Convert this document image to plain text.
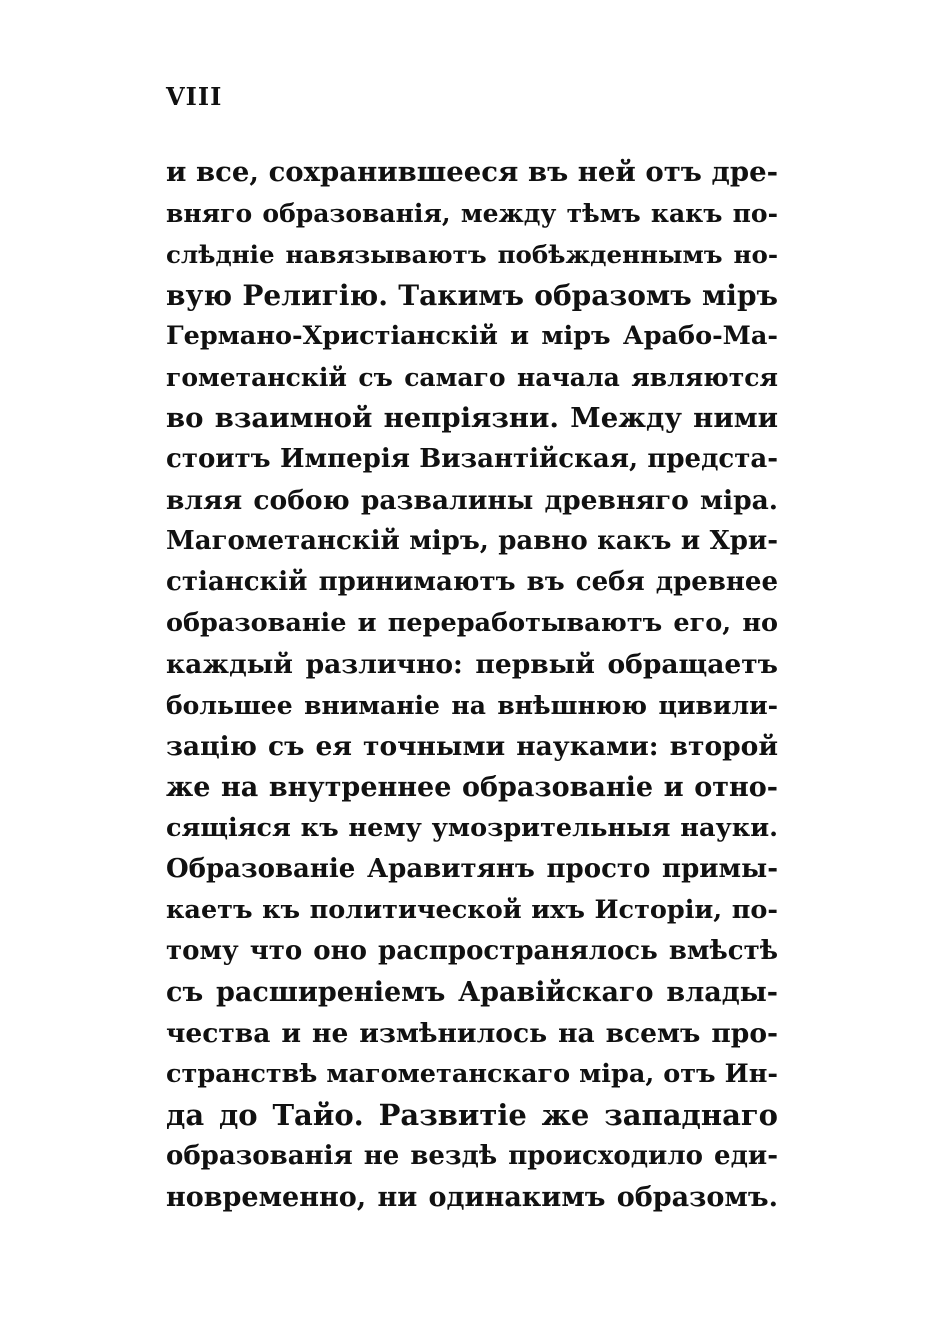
VIII
и все, сохранившееся въ ней отъ дре-
вняго образованія, между тѣмъ какъ по-
слѣдніе навязываютъ побѣжденнымъ но-
вую Религію. Такимъ образомъ міръ
Германо-Христіанскій и міръ Арабо-Ма-
гометанскій съ самаго начала являются
во взаимной непріязни. Между ними
стоитъ Имперія Византійская, предста-
вляя собою развалины древняго міра.
Магометанскій міръ, равно какъ и Хри-
стіанскій принимаютъ въ себя древнее
образованіе и переработываютъ его, но
каждый различно: первый обращаетъ
большее вниманіе на внѣшнюю цивили-
зацію съ ея точными науками: второй
же на внутреннее образованіе и отно-
сящіяся къ нему умозрительныя науки.
Образованіе Аравитянъ просто примы-
каетъ къ политической ихъ Исторіи, по-
тому что оно распространялось вмѣстѣ
съ расширеніемъ Аравійскаго влады-
чества и не измѣнилось на всемъ про-
странствѣ магометанскаго міра, отъ Ин-
да до Тайо. Развитіе же западнаго
образованія не вездѣ происходило еди-
новременно, ни одинакимъ образомъ.
